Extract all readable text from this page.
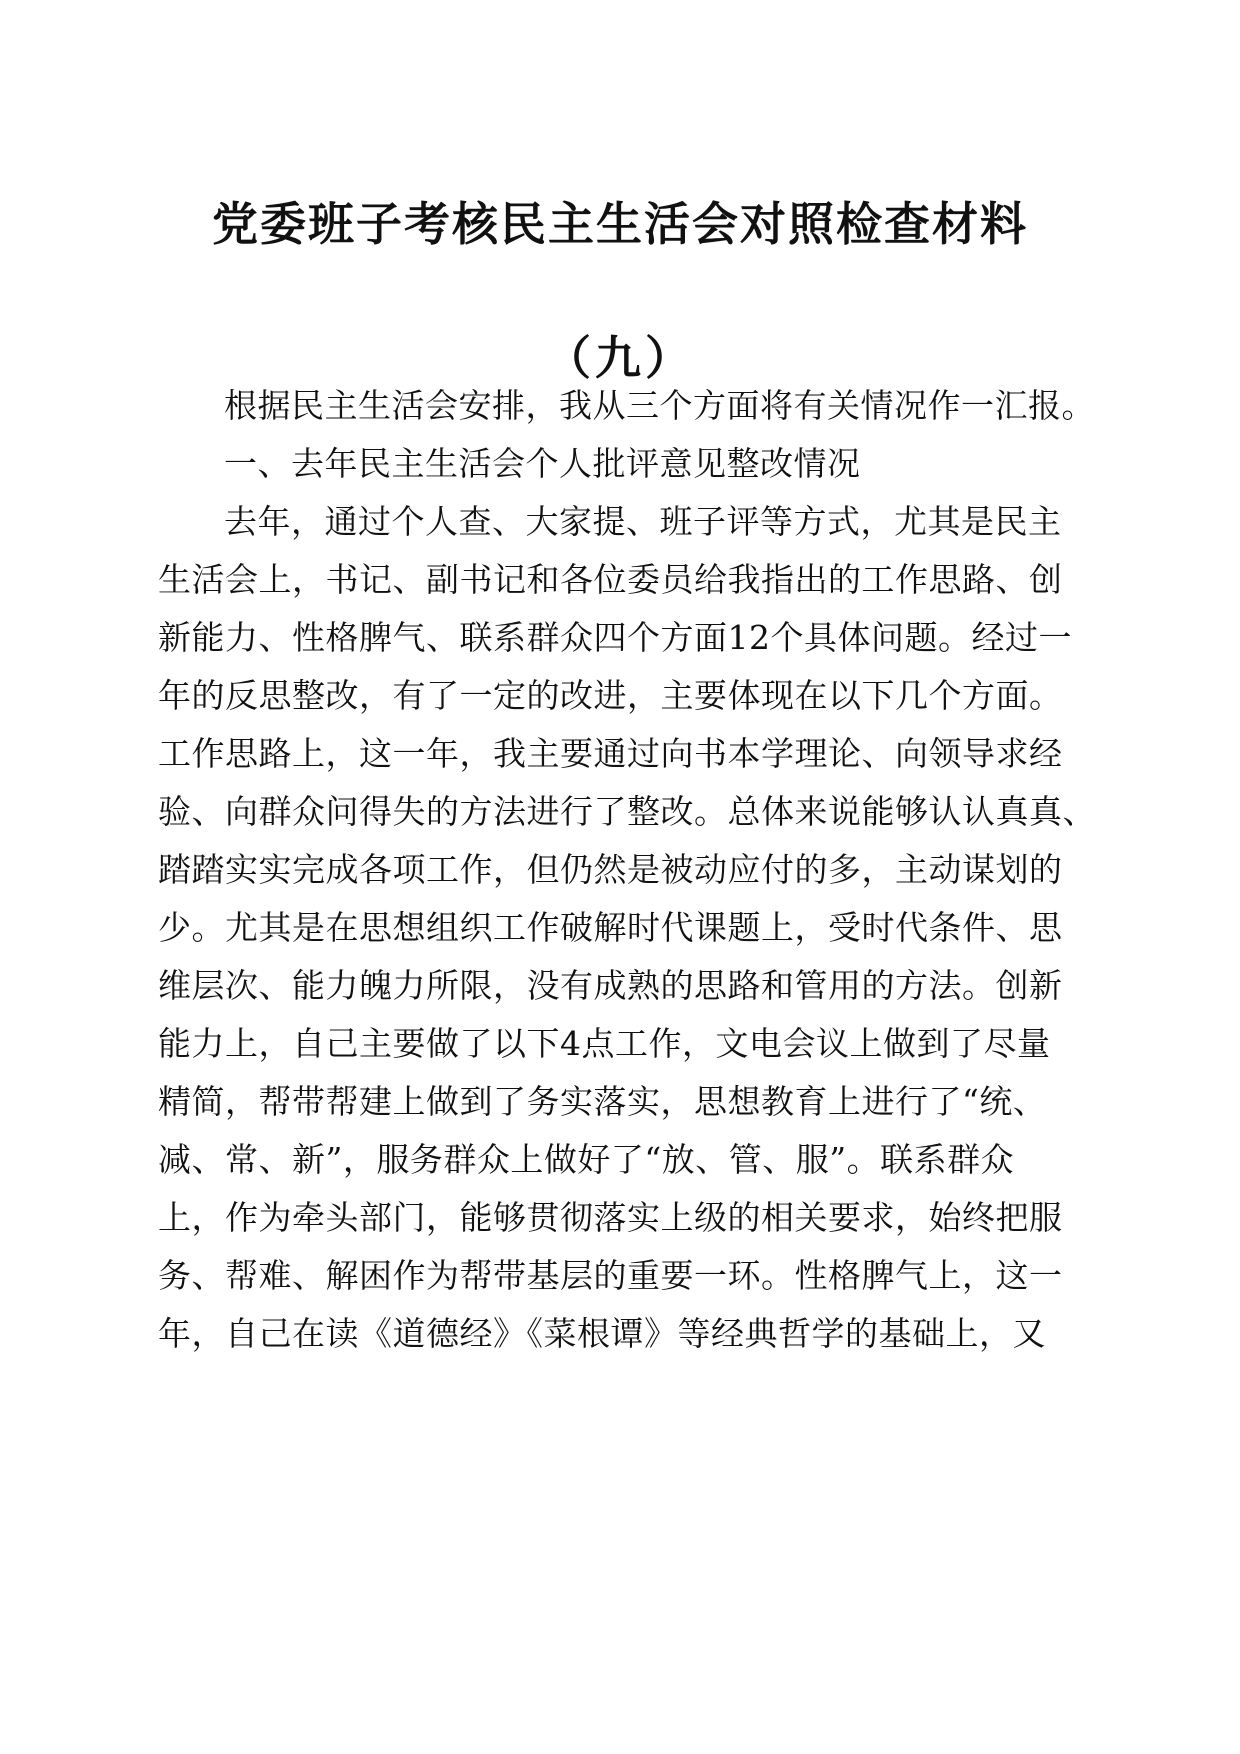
党委班子考核民主生活会对照检查材料
（九）
根据民主生活会安排，我从三个方面将有关情况作一汇报。
一、去年民主生活会个人批评意见整改情况
去年，通过个人查、大家提、班子评等方式，尤其是民主
生活会上，书记、副书记和各位委员给我指出的工作思路、创
新能力、性格脾气、联系群众四个方面12个具体问题。经过一
年的反思整改，有了一定的改进，主要体现在以下几个方面。
工作思路上，这一年，我主要通过向书本学理论、向领导求经
验、向群众问得失的方法进行了整改。总体来说能够认认真真、
踏踏实实完成各项工作，但仍然是被动应付的多，主动谋划的
少。尤其是在思想组织工作破解时代课题上，受时代条件、思
维层次、能力魄力所限，没有成熟的思路和管用的方法。创新
能力上，自己主要做了以下4点工作，文电会议上做到了尽量
精简，帮带帮建上做到了务实落实，思想教育上进行了“统、
减、常、新”，服务群众上做好了“放、管、服”。联系群众
上，作为牵头部门，能够贯彻落实上级的相关要求，始终把服
务、帮难、解困作为帮带基层的重要一环。性格脾气上，这一
年，自己在读《道德经》《菜根谭》等经典哲学的基础上，又
